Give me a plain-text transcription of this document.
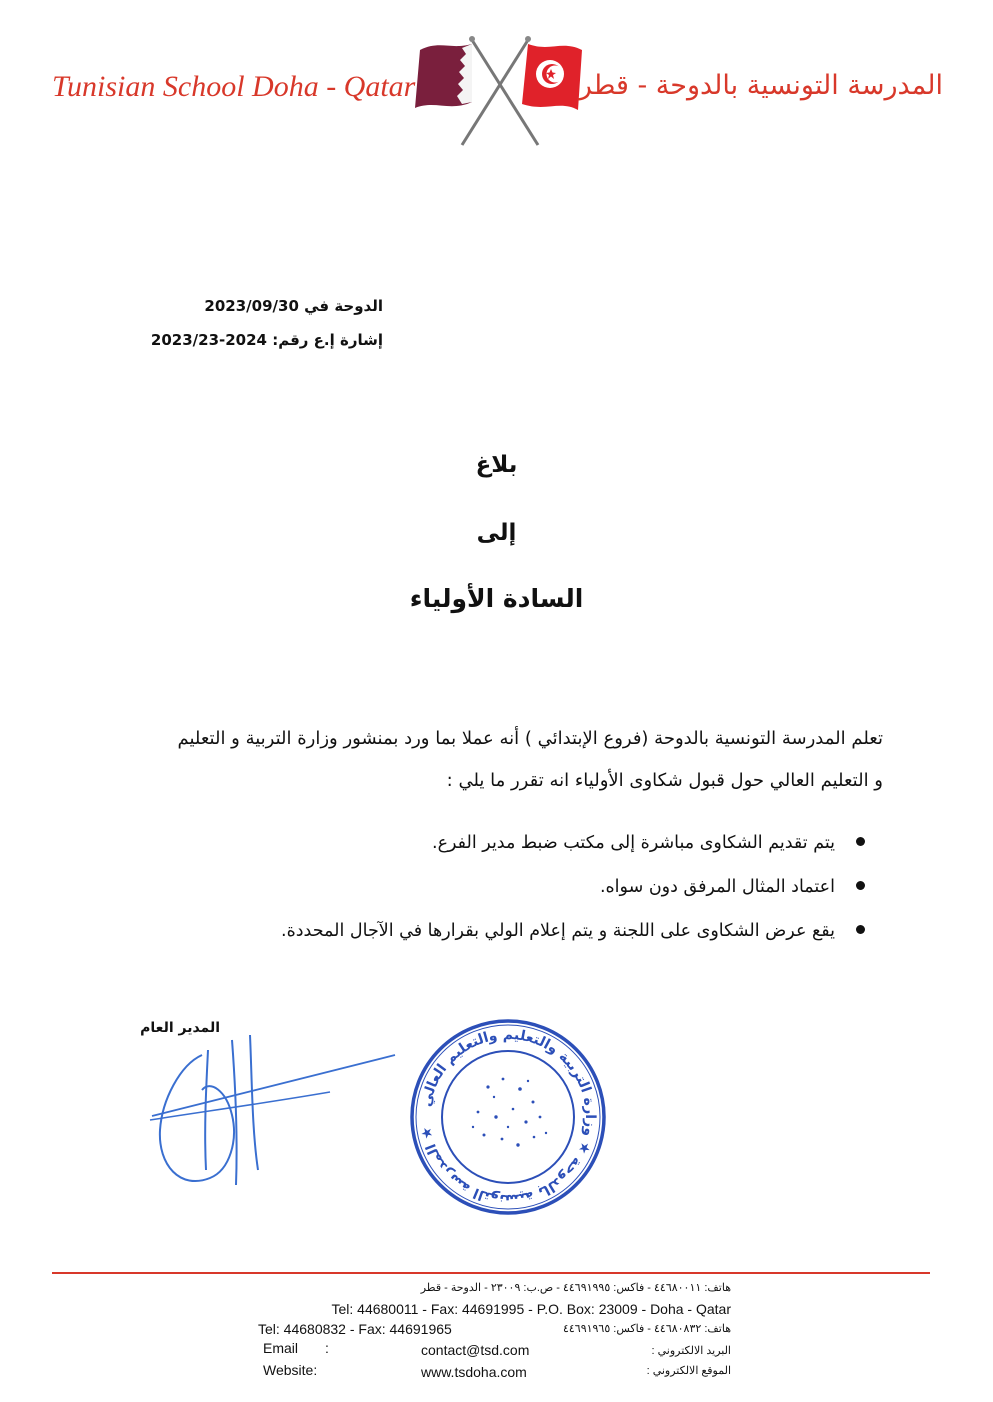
Tunisian School Doha - Qatar	المدرسة التونسية بالدوحة - قطر
الدوحة في 2023/09/30
إشارة إ.ع رقم: 2024-2023/23
بلاغ
إلى
السادة الأولياء
تعلم المدرسة التونسية بالدوحة (فروع الإبتدائي ) أنه عملا بما ورد بمنشور وزارة التربية و التعليم
و التعليم العالي حول قبول شكاوى الأولياء انه تقرر ما يلي :
يتم تقديم الشكاوى مباشرة إلى مكتب ضبط مدير الفرع.
اعتماد المثال المرفق دون سواه.
يقع عرض الشكاوى على اللجنة و يتم إعلام الولي بقرارها في الآجال المحددة.
المدير العام
المدرسة التونسية بالدوحة ★ وزارة التربية والتعليم والتعليم العالي ★
هاتف: ٤٤٦٨٠٠١١ - فاكس: ٤٤٦٩١٩٩٥ - ص.ب: ٢٣٠٠٩ - الدوحة - قطر
Tel: 44680011 - Fax: 44691995 - P.O. Box: 23009 - Doha - Qatar
هاتف: ٤٤٦٨٠٨٣٢ - فاكس: ٤٤٦٩١٩٦٥
Tel: 44680832 - Fax: 44691965
Email :	contact@tsd.com	البريد الالكتروني :
Website:	www.tsdoha.com	الموقع الالكتروني :
